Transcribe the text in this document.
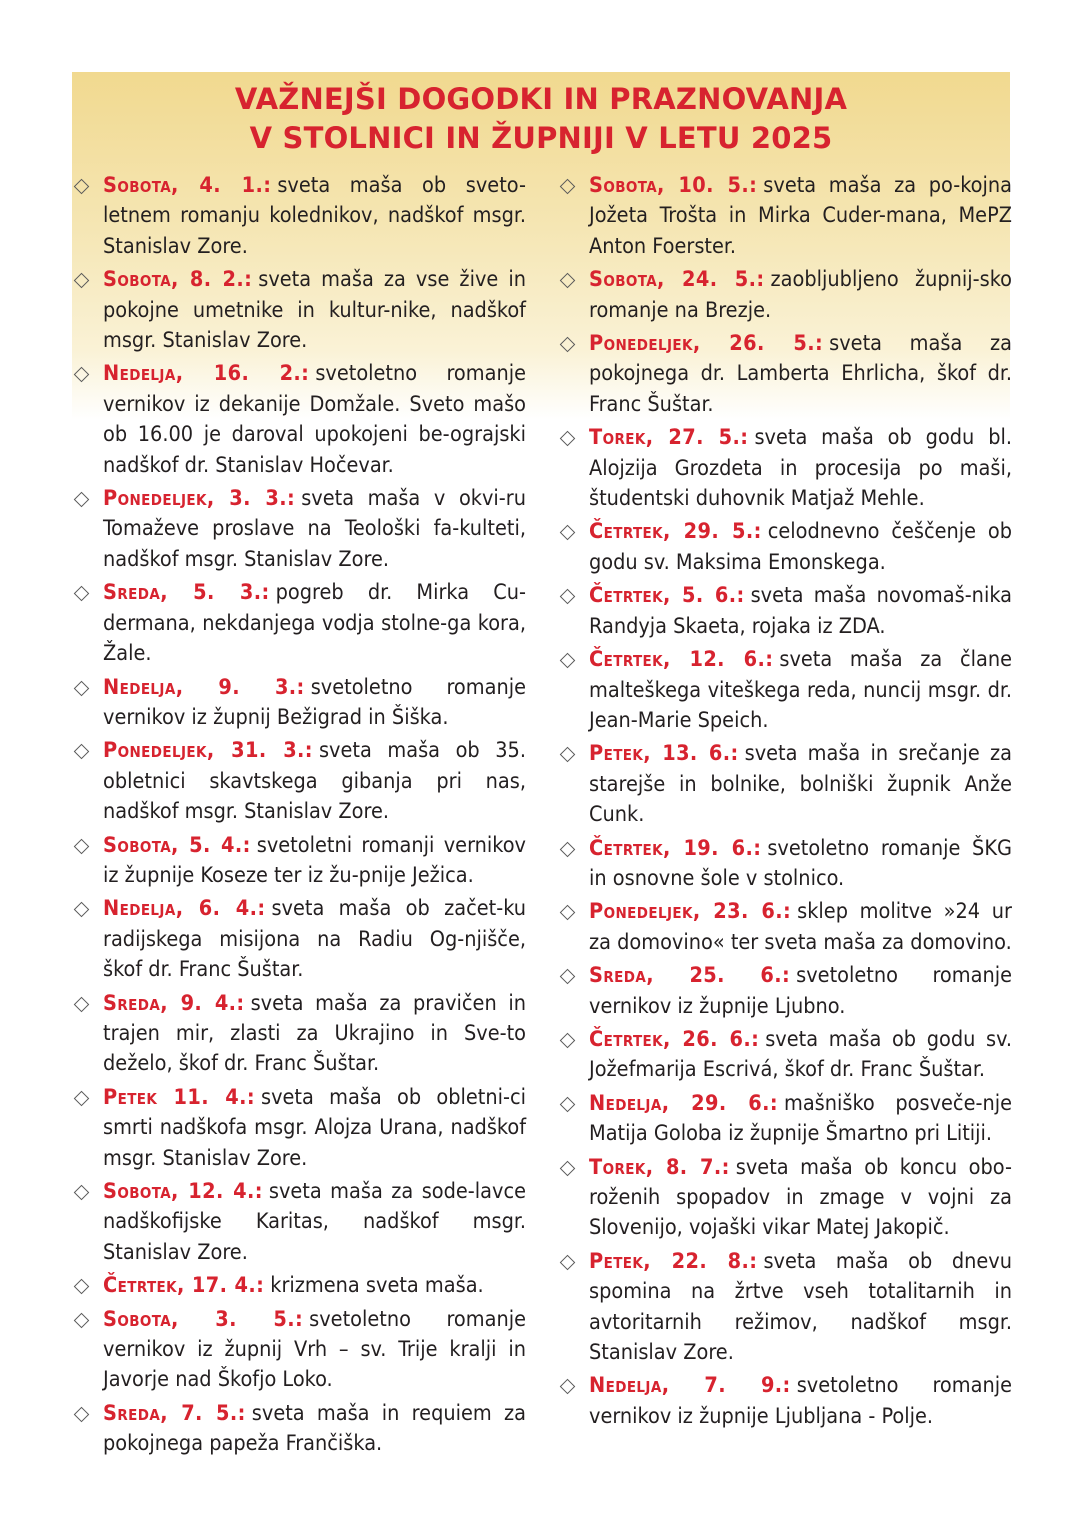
VAŽNEJŠI DOGODKI IN PRAZNOVANJA
V STOLNICI IN ŽUPNIJI V LETU 2025
Sobota, 4. 1.: sveta maša ob sveto-letnem romanju kolednikov, nadškof msgr. Stanislav Zore.
Sobota, 8. 2.: sveta maša za vse žive in pokojne umetnike in kultur-nike, nadškof msgr. Stanislav Zore.
Nedelja, 16. 2.: svetoletno romanje vernikov iz dekanije Domžale. Sveto mašo ob 16.00 je daroval upokojeni be-ograjski nadškof dr. Stanislav Hočevar.
Ponedeljek, 3. 3.: sveta maša v okvi-ru Tomaževe proslave na Teološki fa-kulteti, nadškof msgr. Stanislav Zore.
Sreda, 5. 3.: pogreb dr. Mirka Cu-dermana, nekdanjega vodja stolne-ga kora, Žale.
Nedelja, 9. 3.: svetoletno romanje vernikov iz župnij Bežigrad in Šiška.
Ponedeljek, 31. 3.: sveta maša ob 35. obletnici skavtskega gibanja pri nas, nadškof msgr. Stanislav Zore.
Sobota, 5. 4.: svetoletni romanji vernikov iz župnije Koseze ter iz žu-pnije Ježica.
Nedelja, 6. 4.: sveta maša ob začet-ku radijskega misijona na Radiu Og-njišče, škof dr. Franc Šuštar.
Sreda, 9. 4.: sveta maša za pravičen in trajen mir, zlasti za Ukrajino in Sve-to deželo, škof dr. Franc Šuštar.
Petek 11. 4.: sveta maša ob obletni-ci smrti nadškofa msgr. Alojza Urana, nadškof msgr. Stanislav Zore.
Sobota, 12. 4.: sveta maša za sode-lavce nadškofijske Karitas, nadškof msgr. Stanislav Zore.
Četrtek, 17. 4.: krizmena sveta maša.
Sobota, 3. 5.: svetoletno romanje vernikov iz župnij Vrh – sv. Trije kralji in Javorje nad Škofjo Loko.
Sreda, 7. 5.: sveta maša in requiem za pokojnega papeža Frančiška.
Sobota, 10. 5.: sveta maša za po-kojna Jožeta Trošta in Mirka Cuder-mana, MePZ Anton Foerster.
Sobota, 24. 5.: zaobljubljeno župnij-sko romanje na Brezje.
Ponedeljek, 26. 5.: sveta maša za pokojnega dr. Lamberta Ehrlicha, škof dr. Franc Šuštar.
Torek, 27. 5.: sveta maša ob godu bl. Alojzija Grozdeta in procesija po maši, študentski duhovnik Matjaž Mehle.
Četrtek, 29. 5.: celodnevno češčenje ob godu sv. Maksima Emonskega.
Četrtek, 5. 6.: sveta maša novomaš-nika Randyja Skaeta, rojaka iz ZDA.
Četrtek, 12. 6.: sveta maša za člane malteškega viteškega reda, nuncij msgr. dr. Jean-Marie Speich.
Petek, 13. 6.: sveta maša in srečanje za starejše in bolnike, bolniški župnik Anže Cunk.
Četrtek, 19. 6.: svetoletno romanje ŠKG in osnovne šole v stolnico.
Ponedeljek, 23. 6.: sklep molitve »24 ur za domovino« ter sveta maša za domovino.
Sreda, 25. 6.: svetoletno romanje vernikov iz župnije Ljubno.
Četrtek, 26. 6.: sveta maša ob godu sv. Jožefmarija Escrivá, škof dr. Franc Šuštar.
Nedelja, 29. 6.: mašniško posveče-nje Matija Goloba iz župnije Šmartno pri Litiji.
Torek, 8. 7.: sveta maša ob koncu obo-roženih spopadov in zmage v vojni za Slovenijo, vojaški vikar Matej Jakopič.
Petek, 22. 8.: sveta maša ob dnevu spomina na žrtve vseh totalitarnih in avtoritarnih režimov, nadškof msgr. Stanislav Zore.
Nedelja, 7. 9.: svetoletno romanje vernikov iz župnije Ljubljana - Polje.
